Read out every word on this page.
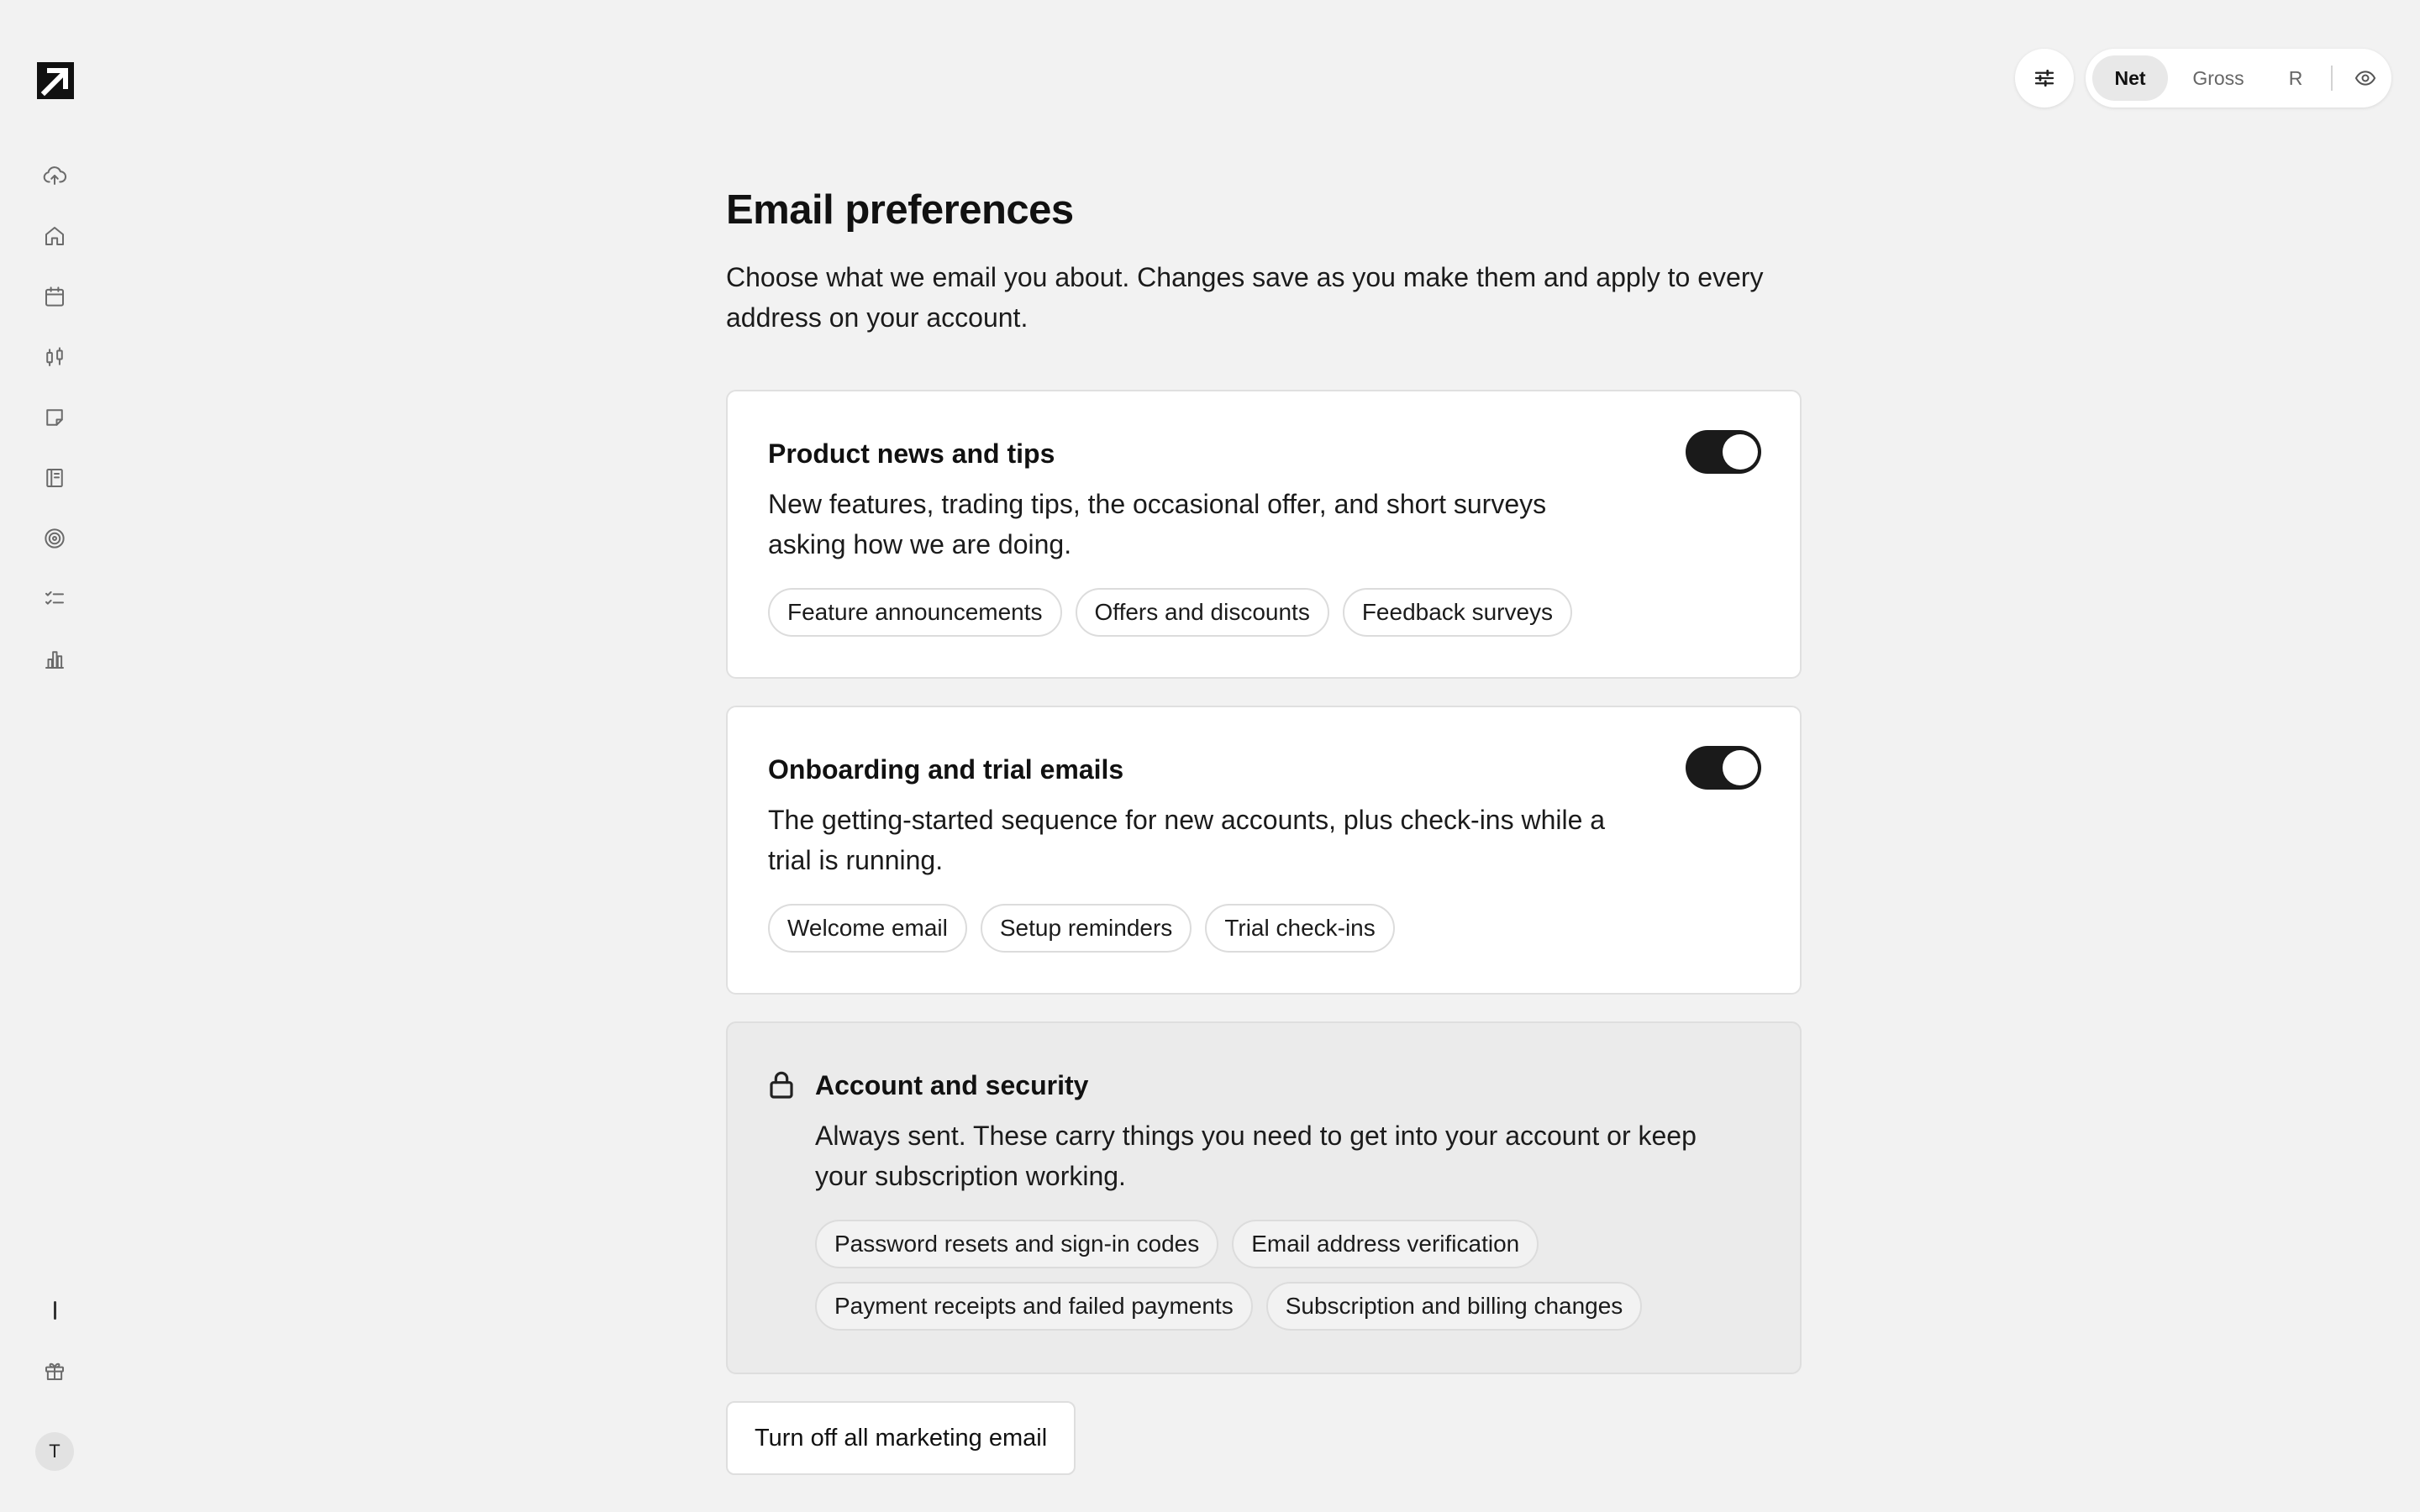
T
Net	Gross	R
Email preferences

Choose what we email you about. Changes save as you make them and apply to every address on your account.

Product news and tips
New features, trading tips, the occasional offer, and short surveys asking how we are doing.
Feature announcements	Offers and discounts	Feedback surveys
Onboarding and trial emails
The getting-started sequence for new accounts, plus check-ins while a trial is running.
Welcome email	Setup reminders	Trial check-ins
Account and security
Always sent. These carry things you need to get into your account or keep your subscription working.
Password resets and sign-in codes	Email address verification
Payment receipts and failed payments	Subscription and billing changes
Turn off all marketing email
